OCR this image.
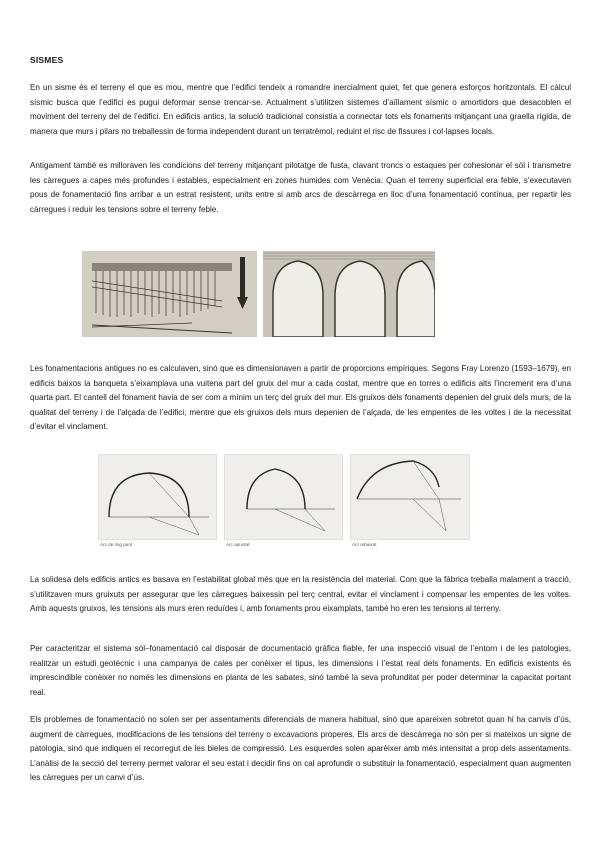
SISMES

En un sisme és el terreny el que es mou, mentre que l’edifici tendeix a romandre inercialment quiet, fet que genera esforços horitzontals. El càlcul sísmic busca que l’edifici es pugui deformar sense trencar-se. Actualment s’utilitzen sistemes d’aïllament sísmic o amortidors que desacoblen el moviment del terreny del de l’edifici. En edificis antics, la solució tradicional consistia a connectar tots els fonaments mitjançant una graella rígida, de manera que murs i pilars no treballessin de forma independent durant un terratrèmol, reduint el risc de fissures i col·lapses locals.

Antigament també es milloraven les condicions del terreny mitjançant pilotatge de fusta, clavant troncs o estaques per cohesionar el sòl i transmetre les càrregues a capes més profundes i estables, especialment en zones humides com Venècia. Quan el terreny superficial era feble, s’executaven pous de fonamentació fins arribar a un estrat resistent, units entre si amb arcs de descàrrega en lloc d’una fonamentació contínua, per repartir les càrregues i reduir les tensions sobre el terreny feble.

Les fonamentacions antigues no es calculaven, sinó que es dimensionaven a partir de proporcions empíriques. Segons Fray Lorenzo (1593–1679), en edificis baixos la banqueta s’eixamplava una vuitena part del gruix del mur a cada costat, mentre que en torres o edificis alts l’increment era d’una quarta part. El cantell del fonament havia de ser com a mínim un terç del gruix del mur. Els gruixos dels fonaments depenien del gruix dels murs, de la qualitat del terreny i de l’alçada de l’edifici, mentre que els gruixos dels murs depenien de l’alçada, de les empentes de les voltes i de la necessitat d’evitar el vinclament.

Arc de mig punt	Arc apuntat	Arc rebaixat

La solidesa dels edificis antics es basava en l’estabilitat global més que en la resistència del material. Com que la fàbrica treballa malament a tracció, s’utilitzaven murs gruixuts per assegurar que les càrregues baixessin pel terç central, evitar el vinclament i compensar les empentes de les voltes. Amb aquests gruixos, les tensions als murs eren reduïdes i, amb fonaments prou eixamplats, també ho eren les tensions al terreny.

Per caracteritzar el sistema sòl–fonamentació cal disposar de documentació gràfica fiable, fer una inspecció visual de l’entorn i de les patologies, realitzar un estudi geotècnic i una campanya de cales per conèixer el tipus, les dimensions i l’estat real dels fonaments. En edificis existents és imprescindible conèixer no només les dimensions en planta de les sabates, sinó també la seva profunditat per poder determinar la capacitat portant real.

Els problemes de fonamentació no solen ser per assentaments diferencials de manera habitual, sinó que apareixen sobretot quan hi ha canvis d’ús, augment de càrregues, modificacions de les tensions del terreny o excavacions properes. Els arcs de descàrrega no són per si mateixos un signe de patologia, sinó que indiquen el recorregut de les bieles de compressió. Les esquerdes solen aparèixer amb més intensitat a prop dels assentaments. L’anàlisi de la secció del terreny permet valorar el seu estat i decidir fins on cal aprofundir o substituir la fonamentació, especialment quan augmenten les càrregues per un canvi d’ús.
